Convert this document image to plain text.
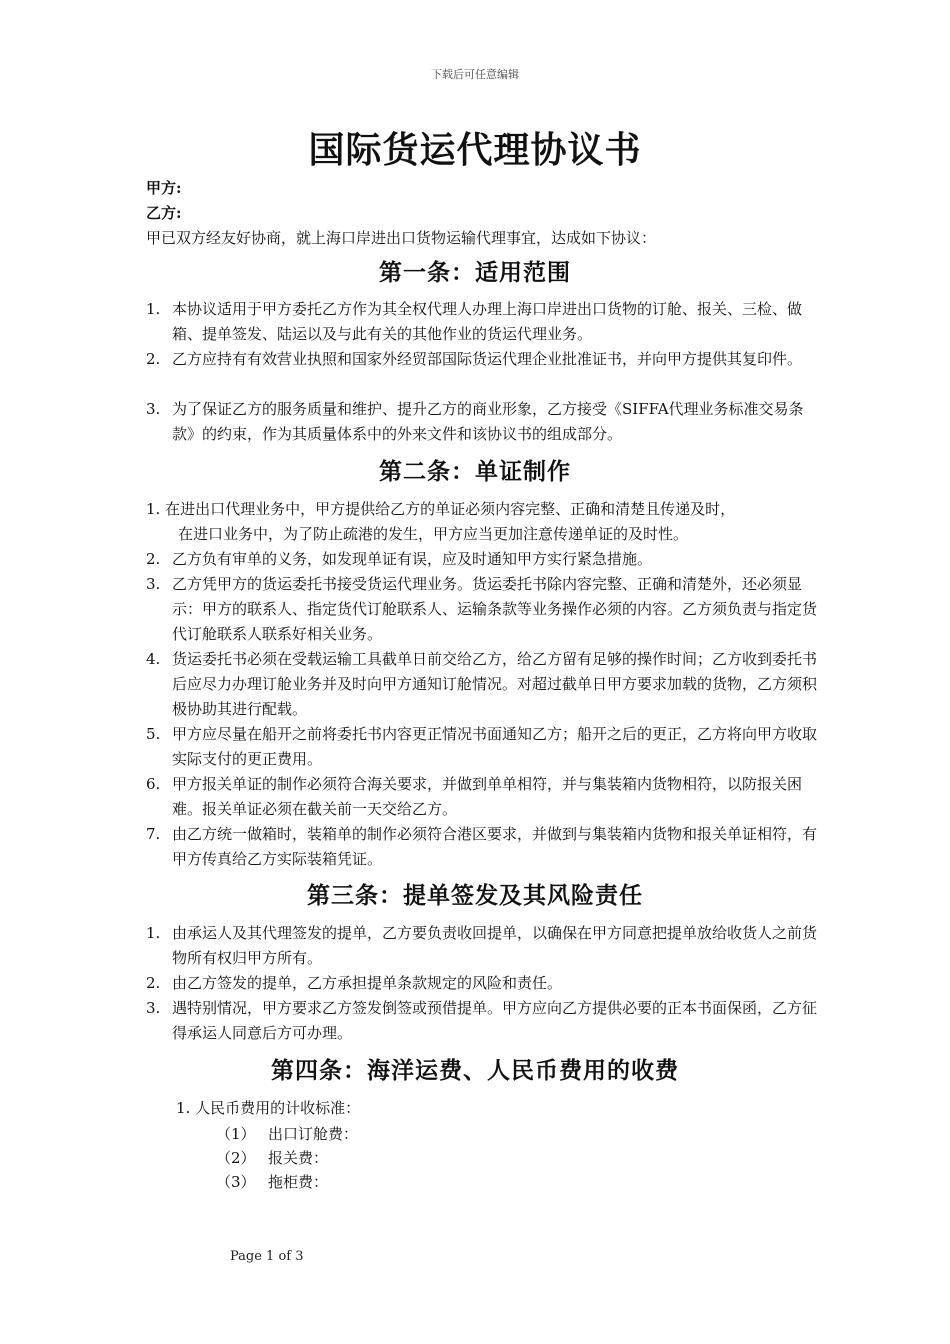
下载后可任意编辑
国际货运代理协议书
甲方:
乙方:
甲已双方经友好协商，就上海口岸进出口货物运输代理事宜，达成如下协议：
第一条：适用范围
1. 本协议适用于甲方委托乙方作为其全权代理人办理上海口岸进出口货物的订舱、报关、三检、做箱、提单签发、陆运以及与此有关的其他作业的货运代理业务。
2. 乙方应持有有效营业执照和国家外经贸部国际货运代理企业批准证书，并向甲方提供其复印件。
3. 为了保证乙方的服务质量和维护、提升乙方的商业形象，乙方接受《SIFFA代理业务标准交易条款》的约束，作为其质量体系中的外来文件和该协议书的组成部分。
第二条：单证制作
1. 在进出口代理业务中，甲方提供给乙方的单证必须内容完整、正确和清楚且传递及时，
在进口业务中，为了防止疏港的发生，甲方应当更加注意传递单证的及时性。
2. 乙方负有审单的义务，如发现单证有误，应及时通知甲方实行紧急措施。
3. 乙方凭甲方的货运委托书接受货运代理业务。货运委托书除内容完整、正确和清楚外，还必须显示：甲方的联系人、指定货代订舱联系人、运输条款等业务操作必须的内容。乙方须负责与指定货代订舱联系人联系好相关业务。
4. 货运委托书必须在受载运输工具截单日前交给乙方，给乙方留有足够的操作时间；乙方收到委托书后应尽力办理订舱业务并及时向甲方通知订舱情况。对超过截单日甲方要求加载的货物，乙方须积极协助其进行配载。
5. 甲方应尽量在船开之前将委托书内容更正情况书面通知乙方；船开之后的更正，乙方将向甲方收取实际支付的更正费用。
6. 甲方报关单证的制作必须符合海关要求，并做到单单相符，并与集装箱内货物相符，以防报关困难。报关单证必须在截关前一天交给乙方。
7. 由乙方统一做箱时，装箱单的制作必须符合港区要求，并做到与集装箱内货物和报关单证相符，有甲方传真给乙方实际装箱凭证。
第三条：提单签发及其风险责任
1. 由承运人及其代理签发的提单，乙方要负责收回提单，以确保在甲方同意把提单放给收货人之前货物所有权归甲方所有。
2. 由乙方签发的提单，乙方承担提单条款规定的风险和责任。
3. 遇特别情况，甲方要求乙方签发倒签或预借提单。甲方应向乙方提供必要的正本书面保函，乙方征得承运人同意后方可办理。
第四条：海洋运费、人民币费用的收费
1. 人民币费用的计收标准：
（1） 出口订舱费：
（2） 报关费：
（3） 拖柜费：
Page 1 of 3
